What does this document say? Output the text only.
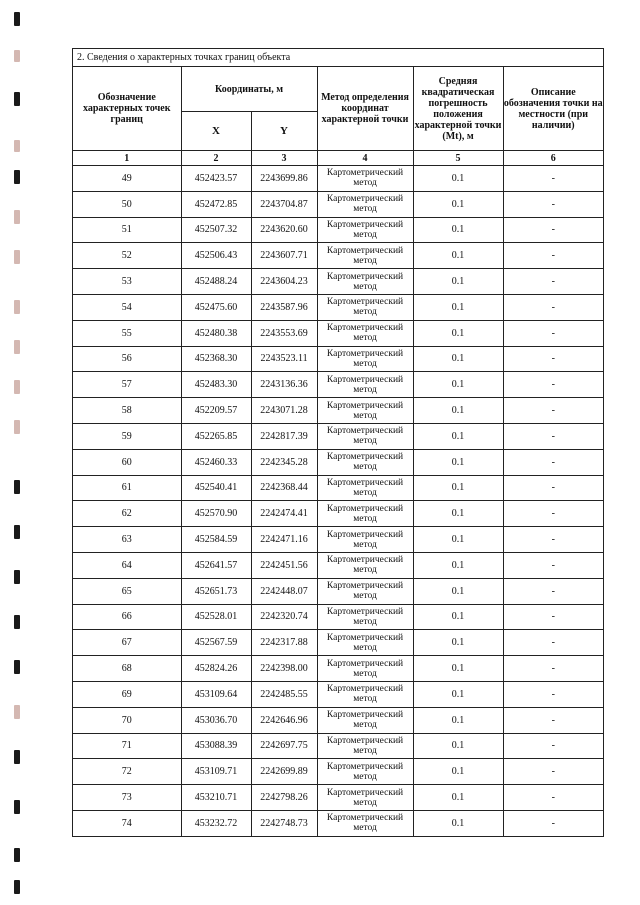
2. Сведения о характерных точках границ объекта
Обозначение характерных точек границ	Координаты, м		Метод определения координат характерной точки	Средняя квадратическая погрешность положения характерной точки (Mt), м	Описание обозначения точки на местности (при наличии)
	X	Y			
1	2	3	4	5	6
49	452423.57	2243699.86	Картометрический метод	0.1	-
50	452472.85	2243704.87	Картометрический метод	0.1	-
51	452507.32	2243620.60	Картометрический метод	0.1	-
52	452506.43	2243607.71	Картометрический метод	0.1	-
53	452488.24	2243604.23	Картометрический метод	0.1	-
54	452475.60	2243587.96	Картометрический метод	0.1	-
55	452480.38	2243553.69	Картометрический метод	0.1	-
56	452368.30	2243523.11	Картометрический метод	0.1	-
57	452483.30	2243136.36	Картометрический метод	0.1	-
58	452209.57	2243071.28	Картометрический метод	0.1	-
59	452265.85	2242817.39	Картометрический метод	0.1	-
60	452460.33	2242345.28	Картометрический метод	0.1	-
61	452540.41	2242368.44	Картометрический метод	0.1	-
62	452570.90	2242474.41	Картометрический метод	0.1	-
63	452584.59	2242471.16	Картометрический метод	0.1	-
64	452641.57	2242451.56	Картометрический метод	0.1	-
65	452651.73	2242448.07	Картометрический метод	0.1	-
66	452528.01	2242320.74	Картометрический метод	0.1	-
67	452567.59	2242317.88	Картометрический метод	0.1	-
68	452824.26	2242398.00	Картометрический метод	0.1	-
69	453109.64	2242485.55	Картометрический метод	0.1	-
70	453036.70	2242646.96	Картометрический метод	0.1	-
71	453088.39	2242697.75	Картометрический метод	0.1	-
72	453109.71	2242699.89	Картометрический метод	0.1	-
73	453210.71	2242798.26	Картометрический метод	0.1	-
74	453232.72	2242748.73	Картометрический метод	0.1	-
